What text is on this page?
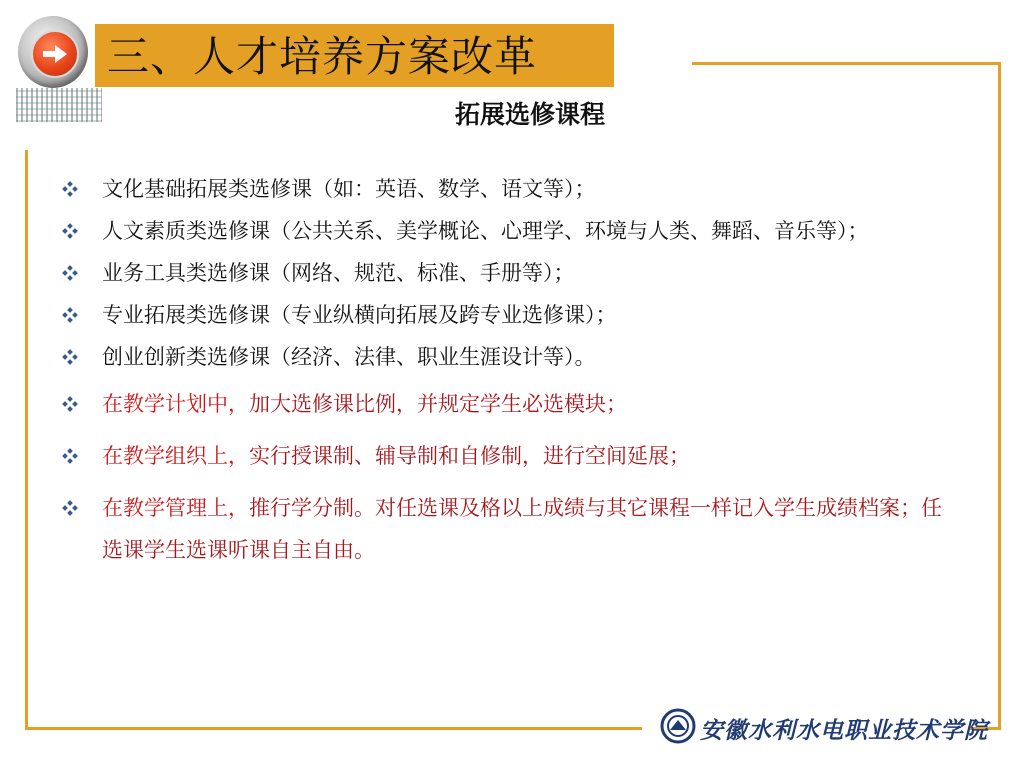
三、人才培养方案改革
拓展选修课程
文化基础拓展类选修课（如：英语、数学、语文等）；
人文素质类选修课（公共关系、美学概论、心理学、环境与人类、舞蹈、音乐等）；
业务工具类选修课（网络、规范、标准、手册等）；
专业拓展类选修课（专业纵横向拓展及跨专业选修课）；
创业创新类选修课（经济、法律、职业生涯设计等）。
在教学计划中，加大选修课比例，并规定学生必选模块；
在教学组织上，实行授课制、辅导制和自修制，进行空间延展；
在教学管理上，推行学分制。对任选课及格以上成绩与其它课程一样记入学生成绩档案；任选课学生选课听课自主自由。
安徽水利水电职业技术学院
